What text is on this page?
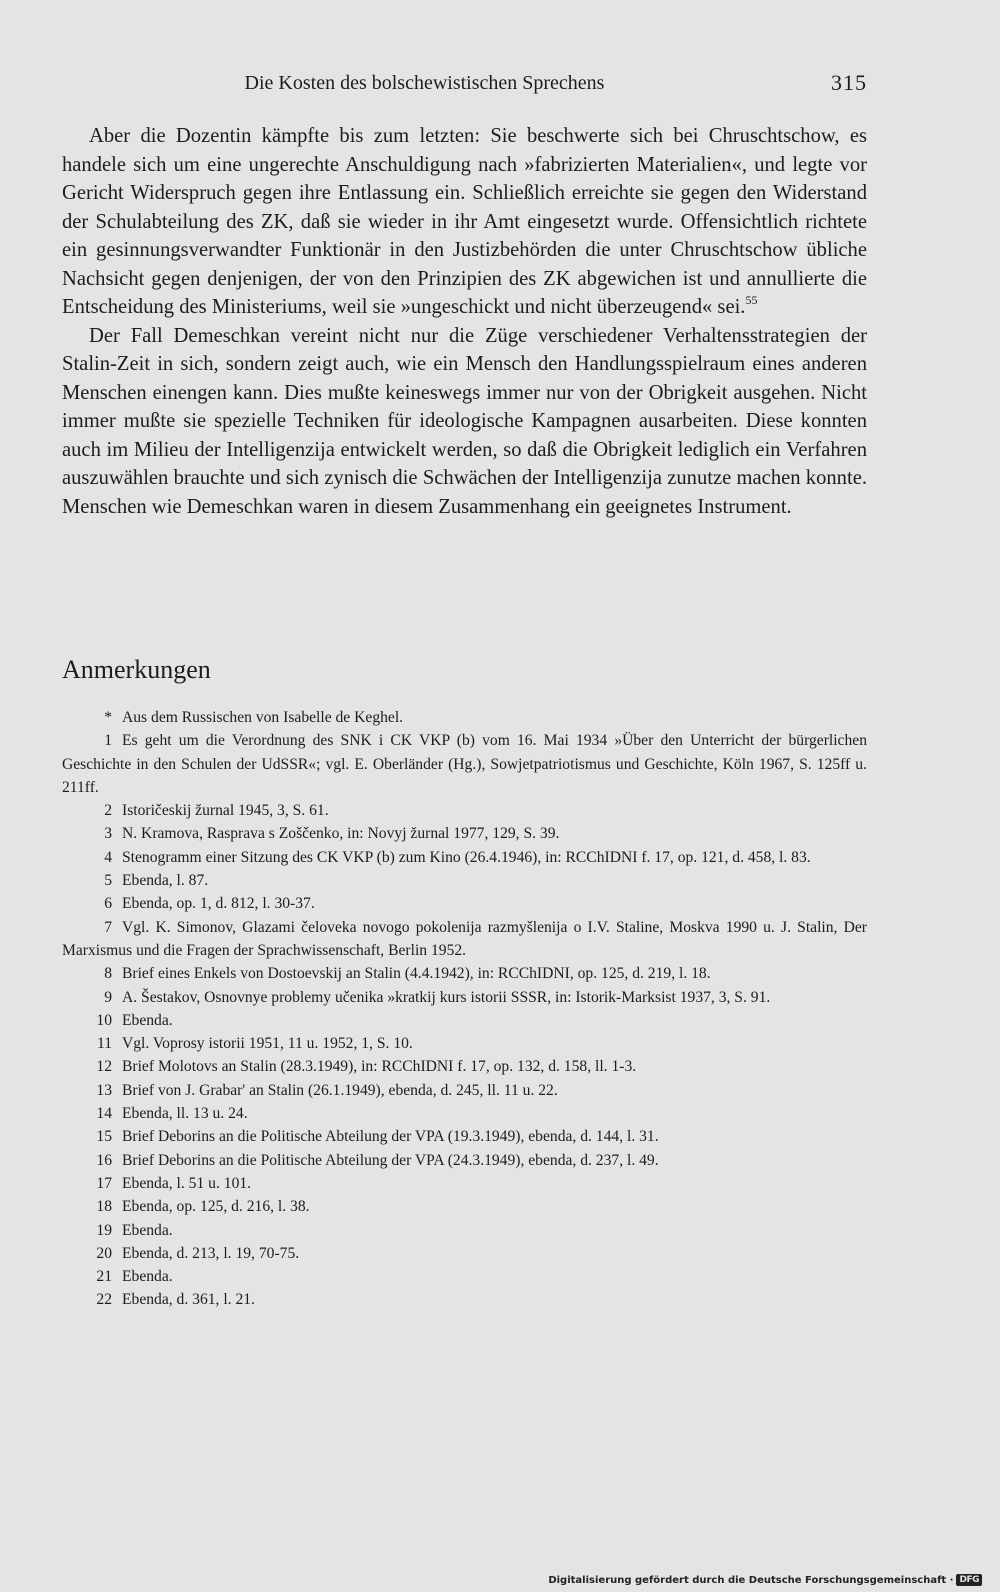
Die Kosten des bolschewistischen Sprechens	315

Aber die Dozentin kämpfte bis zum letzten: Sie beschwerte sich bei Chruschtschow, es handele sich um eine ungerechte Anschuldigung nach »fabrizierten Materialien«, und legte vor Gericht Widerspruch gegen ihre Entlassung ein. Schließlich erreichte sie gegen den Widerstand der Schulabteilung des ZK, daß sie wieder in ihr Amt eingesetzt wurde. Offensichtlich richtete ein gesinnungsverwandter Funktionär in den Justizbehörden die unter Chruschtschow übliche Nachsicht gegen denjenigen, der von den Prinzipien des ZK abgewichen ist und annullierte die Entscheidung des Ministeriums, weil sie »ungeschickt und nicht überzeugend« sei.$^{55}$

Der Fall Demeschkan vereint nicht nur die Züge verschiedener Verhaltensstrategien der Stalin-Zeit in sich, sondern zeigt auch, wie ein Mensch den Handlungsspielraum eines anderen Menschen einengen kann. Dies mußte keineswegs immer nur von der Obrigkeit ausgehen. Nicht immer mußte sie spezielle Techniken für ideologische Kampagnen ausarbeiten. Diese konnten auch im Milieu der Intelligenzija entwickelt werden, so daß die Obrigkeit lediglich ein Verfahren auszuwählen brauchte und sich zynisch die Schwächen der Intelligenzija zunutze machen konnte. Menschen wie Demeschkan waren in diesem Zusammenhang ein geeignetes Instrument.

Anmerkungen

* Aus dem Russischen von Isabelle de Keghel.

1 Es geht um die Verordnung des SNK i CK VKP (b) vom 16. Mai 1934 »Über den Unterricht der bürgerlichen Geschichte in den Schulen der UdSSR«; vgl. E. Oberländer (Hg.), Sowjetpatriotismus und Geschichte, Köln 1967, S. 125ff u. 211ff.

2 Istoričeskij žurnal 1945, 3, S. 61.

3 N. Kramova, Rasprava s Zoščenko, in: Novyj žurnal 1977, 129, S. 39.

4 Stenogramm einer Sitzung des CK VKP (b) zum Kino (26.4.1946), in: RCChIDNI f. 17, op. 121, d. 458, l. 83.

5 Ebenda, l. 87.

6 Ebenda, op. 1, d. 812, l. 30-37.

7 Vgl. K. Simonov, Glazami čeloveka novogo pokolenija razmyšlenija o I.V. Staline, Moskva 1990 u. J. Stalin, Der Marxismus und die Fragen der Sprachwissenschaft, Berlin 1952.

8 Brief eines Enkels von Dostoevskij an Stalin (4.4.1942), in: RCChIDNI, op. 125, d. 219, l. 18.

9 A. Šestakov, Osnovnye problemy učenika »kratkij kurs istorii SSSR, in: Istorik-Marksist 1937, 3, S. 91.

10 Ebenda.

11 Vgl. Voprosy istorii 1951, 11 u. 1952, 1, S. 10.

12 Brief Molotovs an Stalin (28.3.1949), in: RCChIDNI f. 17, op. 132, d. 158, ll. 1-3.

13 Brief von J. Grabar' an Stalin (26.1.1949), ebenda, d. 245, ll. 11 u. 22.

14 Ebenda, ll. 13 u. 24.

15 Brief Deborins an die Politische Abteilung der VPA (19.3.1949), ebenda, d. 144, l. 31.

16 Brief Deborins an die Politische Abteilung der VPA (24.3.1949), ebenda, d. 237, l. 49.

17 Ebenda, l. 51 u. 101.

18 Ebenda, op. 125, d. 216, l. 38.

19 Ebenda.

20 Ebenda, d. 213, l. 19, 70-75.

21 Ebenda.

22 Ebenda, d. 361, l. 21.

Digitalisierung gefördert durch die Deutsche Forschungsgemeinschaft · DFG
